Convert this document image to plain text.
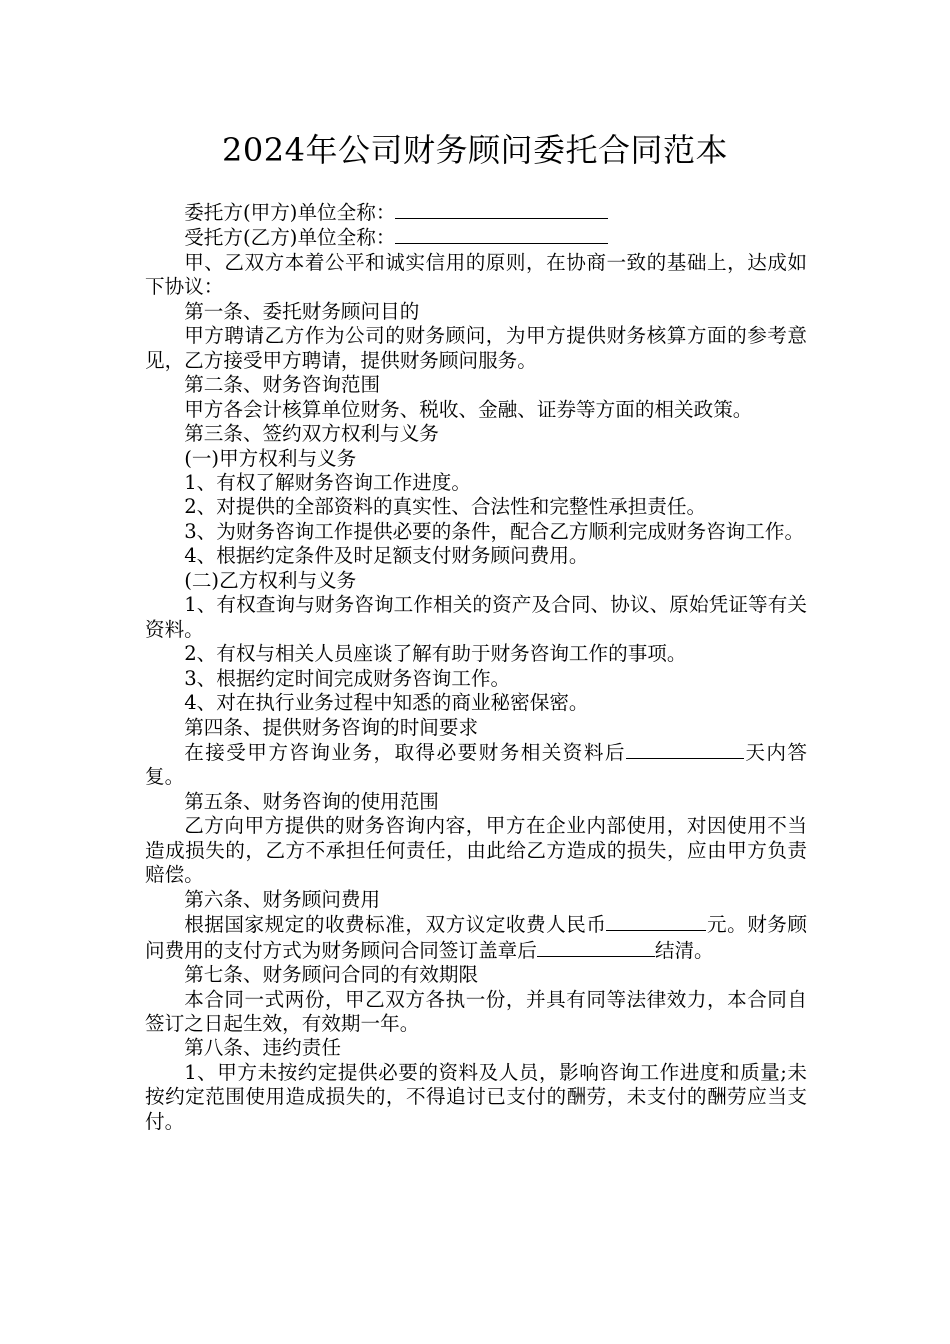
2024年公司财务顾问委托合同范本

委托方(甲方)单位全称：

受托方(乙方)单位全称：

甲、乙双方本着公平和诚实信用的原则，在协商一致的基础上，达成如下协议：

第一条、委托财务顾问目的

甲方聘请乙方作为公司的财务顾问，为甲方提供财务核算方面的参考意见，乙方接受甲方聘请，提供财务顾问服务。

第二条、财务咨询范围

甲方各会计核算单位财务、税收、金融、证券等方面的相关政策。

第三条、签约双方权利与义务

(一)甲方权利与义务

1、有权了解财务咨询工作进度。

2、对提供的全部资料的真实性、合法性和完整性承担责任。

3、为财务咨询工作提供必要的条件，配合乙方顺利完成财务咨询工作。

4、根据约定条件及时足额支付财务顾问费用。

(二)乙方权利与义务

1、有权查询与财务咨询工作相关的资产及合同、协议、原始凭证等有关资料。

2、有权与相关人员座谈了解有助于财务咨询工作的事项。

3、根据约定时间完成财务咨询工作。

4、对在执行业务过程中知悉的商业秘密保密。

第四条、提供财务咨询的时间要求

在接受甲方咨询业务，取得必要财务相关资料后	天内答复。

第五条、财务咨询的使用范围

乙方向甲方提供的财务咨询内容，甲方在企业内部使用，对因使用不当造成损失的，乙方不承担任何责任，由此给乙方造成的损失，应由甲方负责赔偿。

第六条、财务顾问费用

根据国家规定的收费标准，双方议定收费人民币	元。财务顾问费用的支付方式为财务顾问合同签订盖章后	结清。

第七条、财务顾问合同的有效期限

本合同一式两份，甲乙双方各执一份，并具有同等法律效力，本合同自签订之日起生效，有效期一年。

第八条、违约责任

1、甲方未按约定提供必要的资料及人员，影响咨询工作进度和质量;未按约定范围使用造成损失的，不得追讨已支付的酬劳，未支付的酬劳应当支付。
